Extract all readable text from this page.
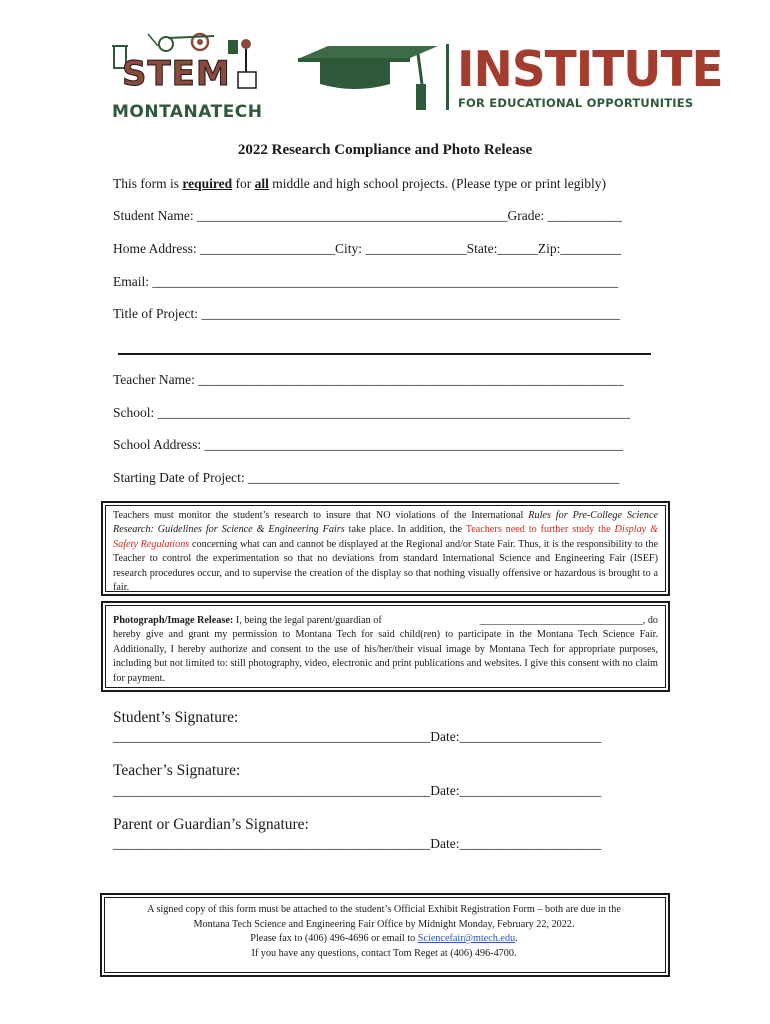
STEM
MONTANATECH
INSTITUTE
FOR EDUCATIONAL OPPORTUNITIES
2022 Research Compliance and Photo Release
This form is required for all middle and high school projects. (Please type or print legibly)
Student Name: ______________________________________________Grade: ___________
Home Address: ____________________City: _______________State:______Zip:_________
Email: _____________________________________________________________________
Title of Project: ______________________________________________________________
Teacher Name: _______________________________________________________________
School: ______________________________________________________________________
School Address: ______________________________________________________________
Starting Date of Project: _______________________________________________________
Teachers must monitor the student’s research to insure that NO violations of the International Rules for Pre-College Science Research: Guidelines for Science & Engineering Fairs take place. In addition, the Teachers need to further study the Display & Safety Regulations concerning what can and cannot be displayed at the Regional and/or State Fair. Thus, it is the responsibility to the Teacher to control the experimentation so that no deviations from standard International Science and Engineering Fair (ISEF) research procedures occur, and to supervise the creation of the display so that nothing visually offensive or hazardous is brought to a fair.
Photograph/Image Release: I, being the legal parent/guardian of	________________________________, do
hereby give and grant my permission to Montana Tech for said child(ren) to participate in the Montana Tech Science Fair. Additionally, I hereby authorize and consent to the use of his/her/their visual image by Montana Tech for appropriate purposes, including but not limited to: still photography, video, electronic and print publications and websites. I give this consent with no claim for payment.
Student’s Signature:
_______________________________________________Date:_____________________
Teacher’s Signature:
_______________________________________________Date:_____________________
Parent or Guardian’s Signature:
_______________________________________________Date:_____________________
A signed copy of this form must be attached to the student’s Official Exhibit Registration Form – both are due in the
Montana Tech Science and Engineering Fair Office by Midnight Monday, February 22, 2022.
Please fax to (406) 496-4696 or email to Sciencefair@mtech.edu.
If you have any questions, contact Tom Reget at (406) 496-4700.
